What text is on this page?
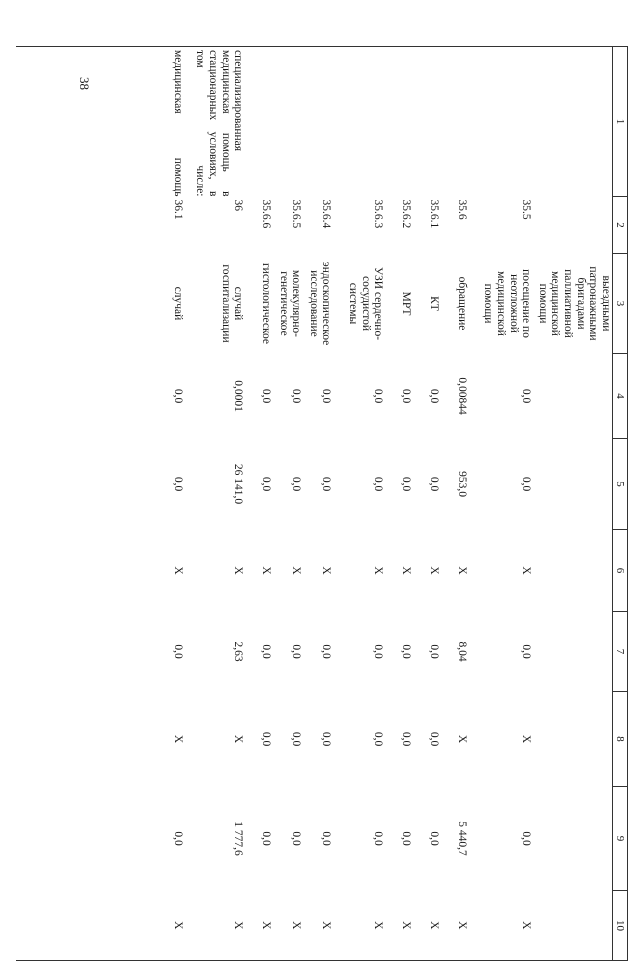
38
1	2	3	4	5	6	7	8	9	10
		выездными патронажными бригадами паллиативной медицинской помощи							
	35.5	посещение по неотложной медицинской помощи	0,0	0,0	X	0,0	X	0,0	X
	35.6	обращение	0,00844	953,0	X	8,04	X	5 440,7	X
	35.6.1	КТ	0,0	0,0	X	0,0	0,0	0,0	X
	35.6.2	МРТ	0,0	0,0	X	0,0	0,0	0,0	X
	35.6.3	УЗИ сердечно-сосудистой системы	0,0	0,0	X	0,0	0,0	0,0	X
	35.6.4	эндоскопическое исследование	0,0	0,0	X	0,0	0,0	0,0	X
	35.6.5	молекулярно-генетическое	0,0	0,0	X	0,0	0,0	0,0	X
	35.6.6	гистологическое	0,0	0,0	X	0,0	0,0	0,0	X
специализированная медицинская помощь в стационарных условиях, в том числе:	36	случай госпитализации	0,0001	26 141,0	X	2,63	X	1 777,6	X
медицинская помощь	36.1	случай	0,0	0,0	X	0,0	X	0,0	X
